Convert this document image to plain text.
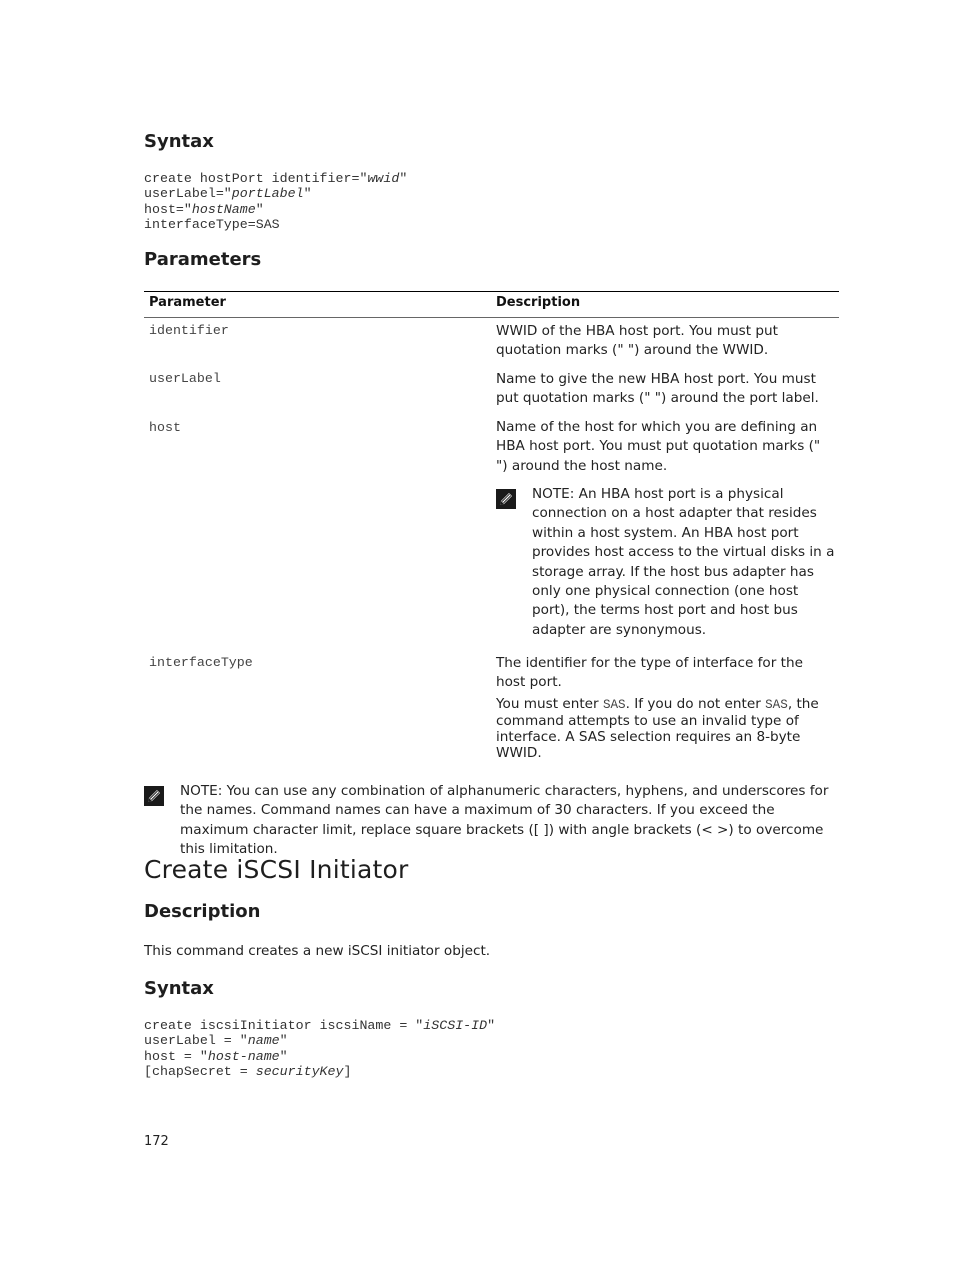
Syntax
create hostPort identifier="wwid"
userLabel="portLabel"
host="hostName"
interfaceType=SAS
Parameters
Parameter	Description
identifier	WWID of the HBA host port. You must put quotation marks (" ") around the WWID.
userLabel	Name to give the new HBA host port. You must put quotation marks (" ") around the port label.
host	Name of the host for which you are defining an HBA host port. You must put quotation marks (" ") around the host name.
NOTE: An HBA host port is a physical connection on a host adapter that resides within a host system. An HBA host port provides host access to the virtual disks in a storage array. If the host bus adapter has only one physical connection (one host port), the terms host port and host bus adapter are synonymous.
interfaceType	The identifier for the type of interface for the host port.
You must enter SAS. If you do not enter SAS, the command attempts to use an invalid type of interface. A SAS selection requires an 8-byte WWID.
NOTE: You can use any combination of alphanumeric characters, hyphens, and underscores for the names. Command names can have a maximum of 30 characters. If you exceed the maximum character limit, replace square brackets ([ ]) with angle brackets (< >) to overcome this limitation.
Create iSCSI Initiator
Description
This command creates a new iSCSI initiator object.
Syntax
create iscsiInitiator iscsiName = "iSCSI-ID"
userLabel = "name"
host = "host-name"
[chapSecret = securityKey]
172
